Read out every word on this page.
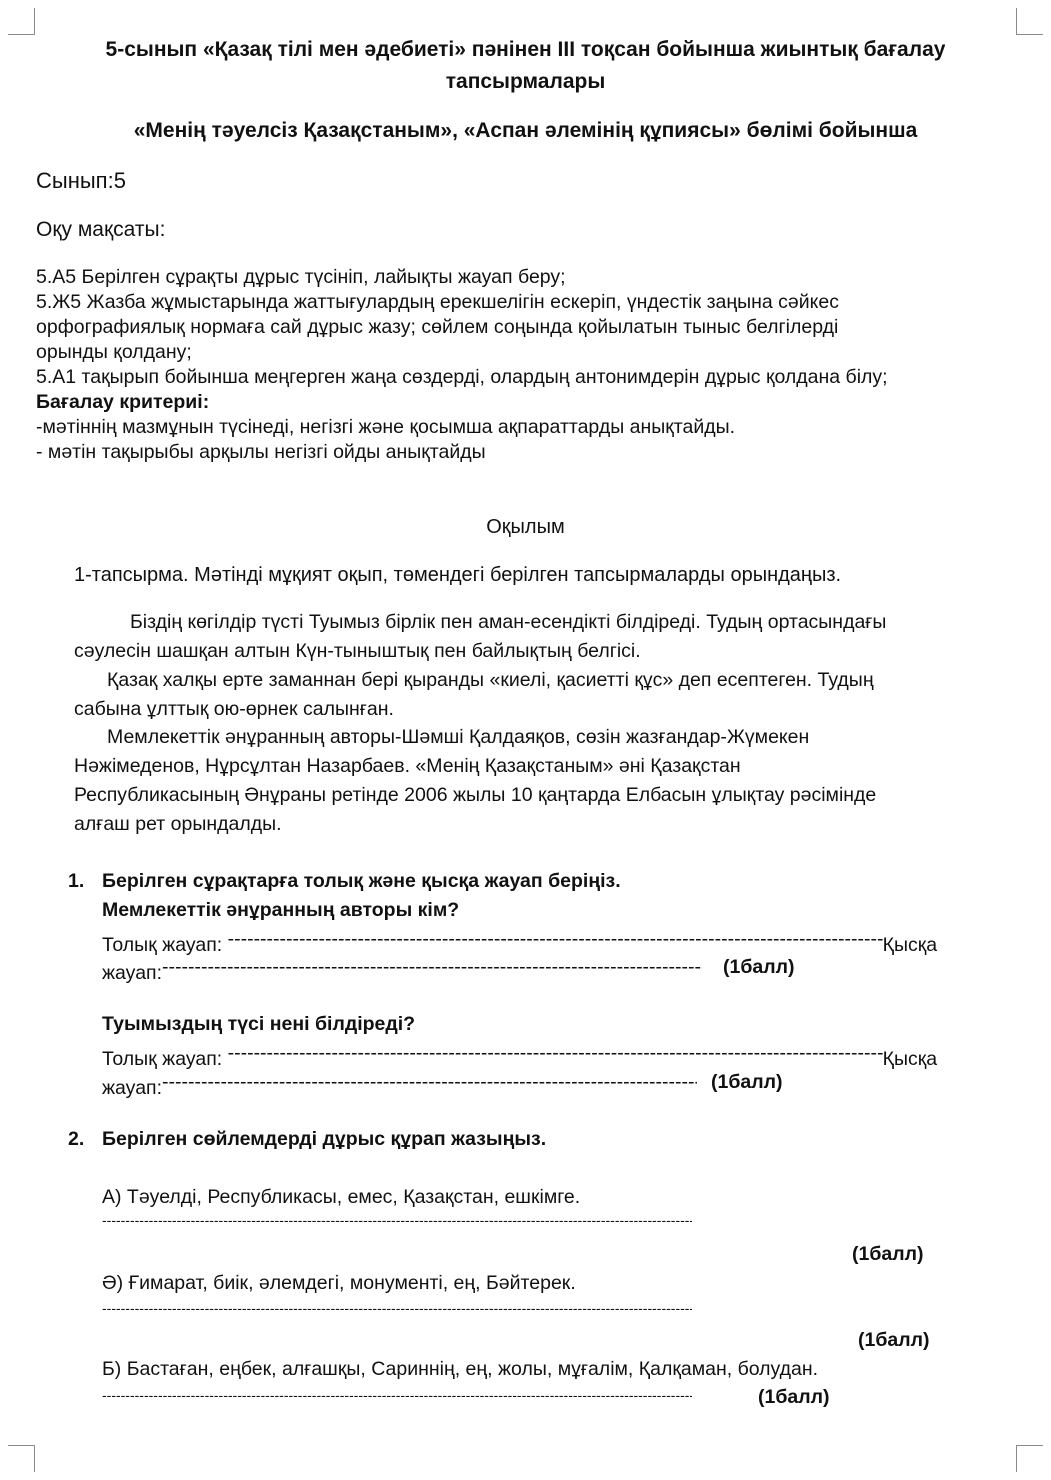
5-сынып «Қазақ тілі мен әдебиеті» пәнінен III тоқсан бойынша жиынтық бағалау
тапсырмалары
«Менің тәуелсіз Қазақстаным», «Аспан әлемінің құпиясы» бөлімі бойынша
Сынып:5
Оқу мақсаты:
5.А5 Берілген сұрақты дұрыс түсініп, лайықты жауап беру;
5.Ж5 Жазба жұмыстарында жаттығулардың ерекшелігін ескеріп, үндестік заңына сәйкес
орфографиялық нормаға сай дұрыс жазу; сөйлем соңында қойылатын тыныс белгілерді
орынды қолдану;
5.А1 тақырып бойынша меңгерген жаңа сөздерді, олардың антонимдерін дұрыс қолдана білу;
Бағалау критериі:
-мәтіннің мазмұнын түсінеді, негізгі және қосымша ақпараттарды анықтайды.
- мәтін тақырыбы арқылы негізгі ойды анықтайды
Оқылым
1-тапсырма. Мәтінді мұқият оқып, төмендегі берілген тапсырмаларды орындаңыз.
Біздің көгілдір түсті Туымыз бірлік пен аман-есендікті білдіреді. Тудың ортасындағы
сәулесін шашқан алтын Күн-тыныштық пен байлықтың белгісі.
Қазақ халқы ерте заманнан бері қыранды «киелі, қасиетті құс» деп есептеген. Тудың
сабына ұлттық ою-өрнек салынған.
Мемлекеттік әнұранның авторы-Шәмші Қалдаяқов, сөзін жазғандар-Жүмекен
Нәжімеденов, Нұрсұлтан Назарбаев. «Менің Қазақстаным» әні Қазақстан
Республикасының Әнұраны ретінде 2006 жылы 10 қаңтарда Елбасын ұлықтау рәсімінде
алғаш рет орындалды.
1. Берілген сұрақтарға толық және қысқа жауап беріңіз.
Мемлекеттік әнұранның авторы кім?
Толық жауап: -----	Қысқа
жауап: -----	(1балл)
Туымыздың түсі нені білдіреді?
Толық жауап: -----	Қысқа
жауап: -----	(1балл)
2. Берілген сөйлемдерді дұрыс құрап жазыңыз.
А) Тәуелді, Республикасы, емес, Қазақстан, ешкімге.
-----
(1балл)
Ә) Ғимарат, биік, әлемдегі, монументі, ең, Бәйтерек.
-----
(1балл)
Б) Бастаған, еңбек, алғашқы, Сариннің, ең, жолы, мұғалім, Қалқаман, болудан.
-----
(1балл)
